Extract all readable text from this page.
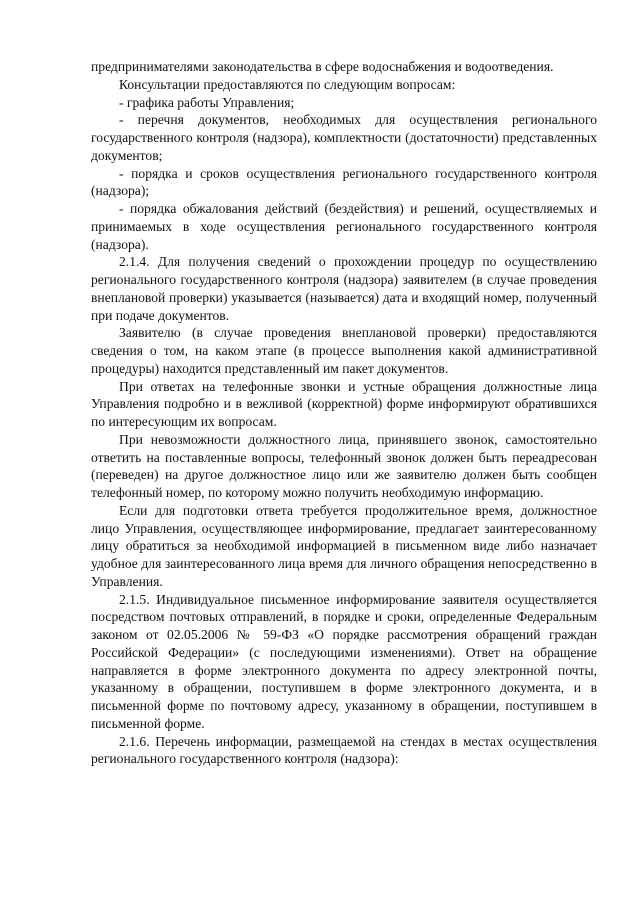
предпринимателями законодательства в сфере водоснабжения и водоотведения.

Консультации предоставляются по следующим вопросам:

- графика работы Управления;

- перечня документов, необходимых для осуществления регионального государственного контроля (надзора), комплектности (достаточности) представленных документов;

- порядка и сроков осуществления регионального государственного контроля (надзора);

- порядка обжалования действий (бездействия) и решений, осуществляемых и принимаемых в ходе осуществления регионального государственного контроля (надзора).

2.1.4. Для получения сведений о прохождении процедур по осуществлению регионального государственного контроля (надзора) заявителем (в случае проведения внеплановой проверки) указывается (называется) дата и входящий номер, полученный при подаче документов.

Заявителю (в случае проведения внеплановой проверки) предоставляются сведения о том, на каком этапе (в процессе выполнения какой административной процедуры) находится представленный им пакет документов.

При ответах на телефонные звонки и устные обращения должностные лица Управления подробно и в вежливой (корректной) форме информируют обратившихся по интересующим их вопросам.

При невозможности должностного лица, принявшего звонок, самостоятельно ответить на поставленные вопросы, телефонный звонок должен быть переадресован (переведен) на другое должностное лицо или же заявителю должен быть сообщен телефонный номер, по которому можно получить необходимую информацию.

Если для подготовки ответа требуется продолжительное время, должностное лицо Управления, осуществляющее информирование, предлагает заинтересованному лицу обратиться за необходимой информацией в письменном виде либо назначает удобное для заинтересованного лица время для личного обращения непосредственно в Управления.

2.1.5. Индивидуальное письменное информирование заявителя осуществляется посредством почтовых отправлений, в порядке и сроки, определенные Федеральным законом от 02.05.2006 № 59-ФЗ «О порядке рассмотрения обращений граждан Российской Федерации» (с последующими изменениями). Ответ на обращение направляется в форме электронного документа по адресу электронной почты, указанному в обращении, поступившем в форме электронного документа, и в письменной форме по почтовому адресу, указанному в обращении, поступившем в письменной форме.

2.1.6. Перечень информации, размещаемой на стендах в местах осуществления регионального государственного контроля (надзора):
